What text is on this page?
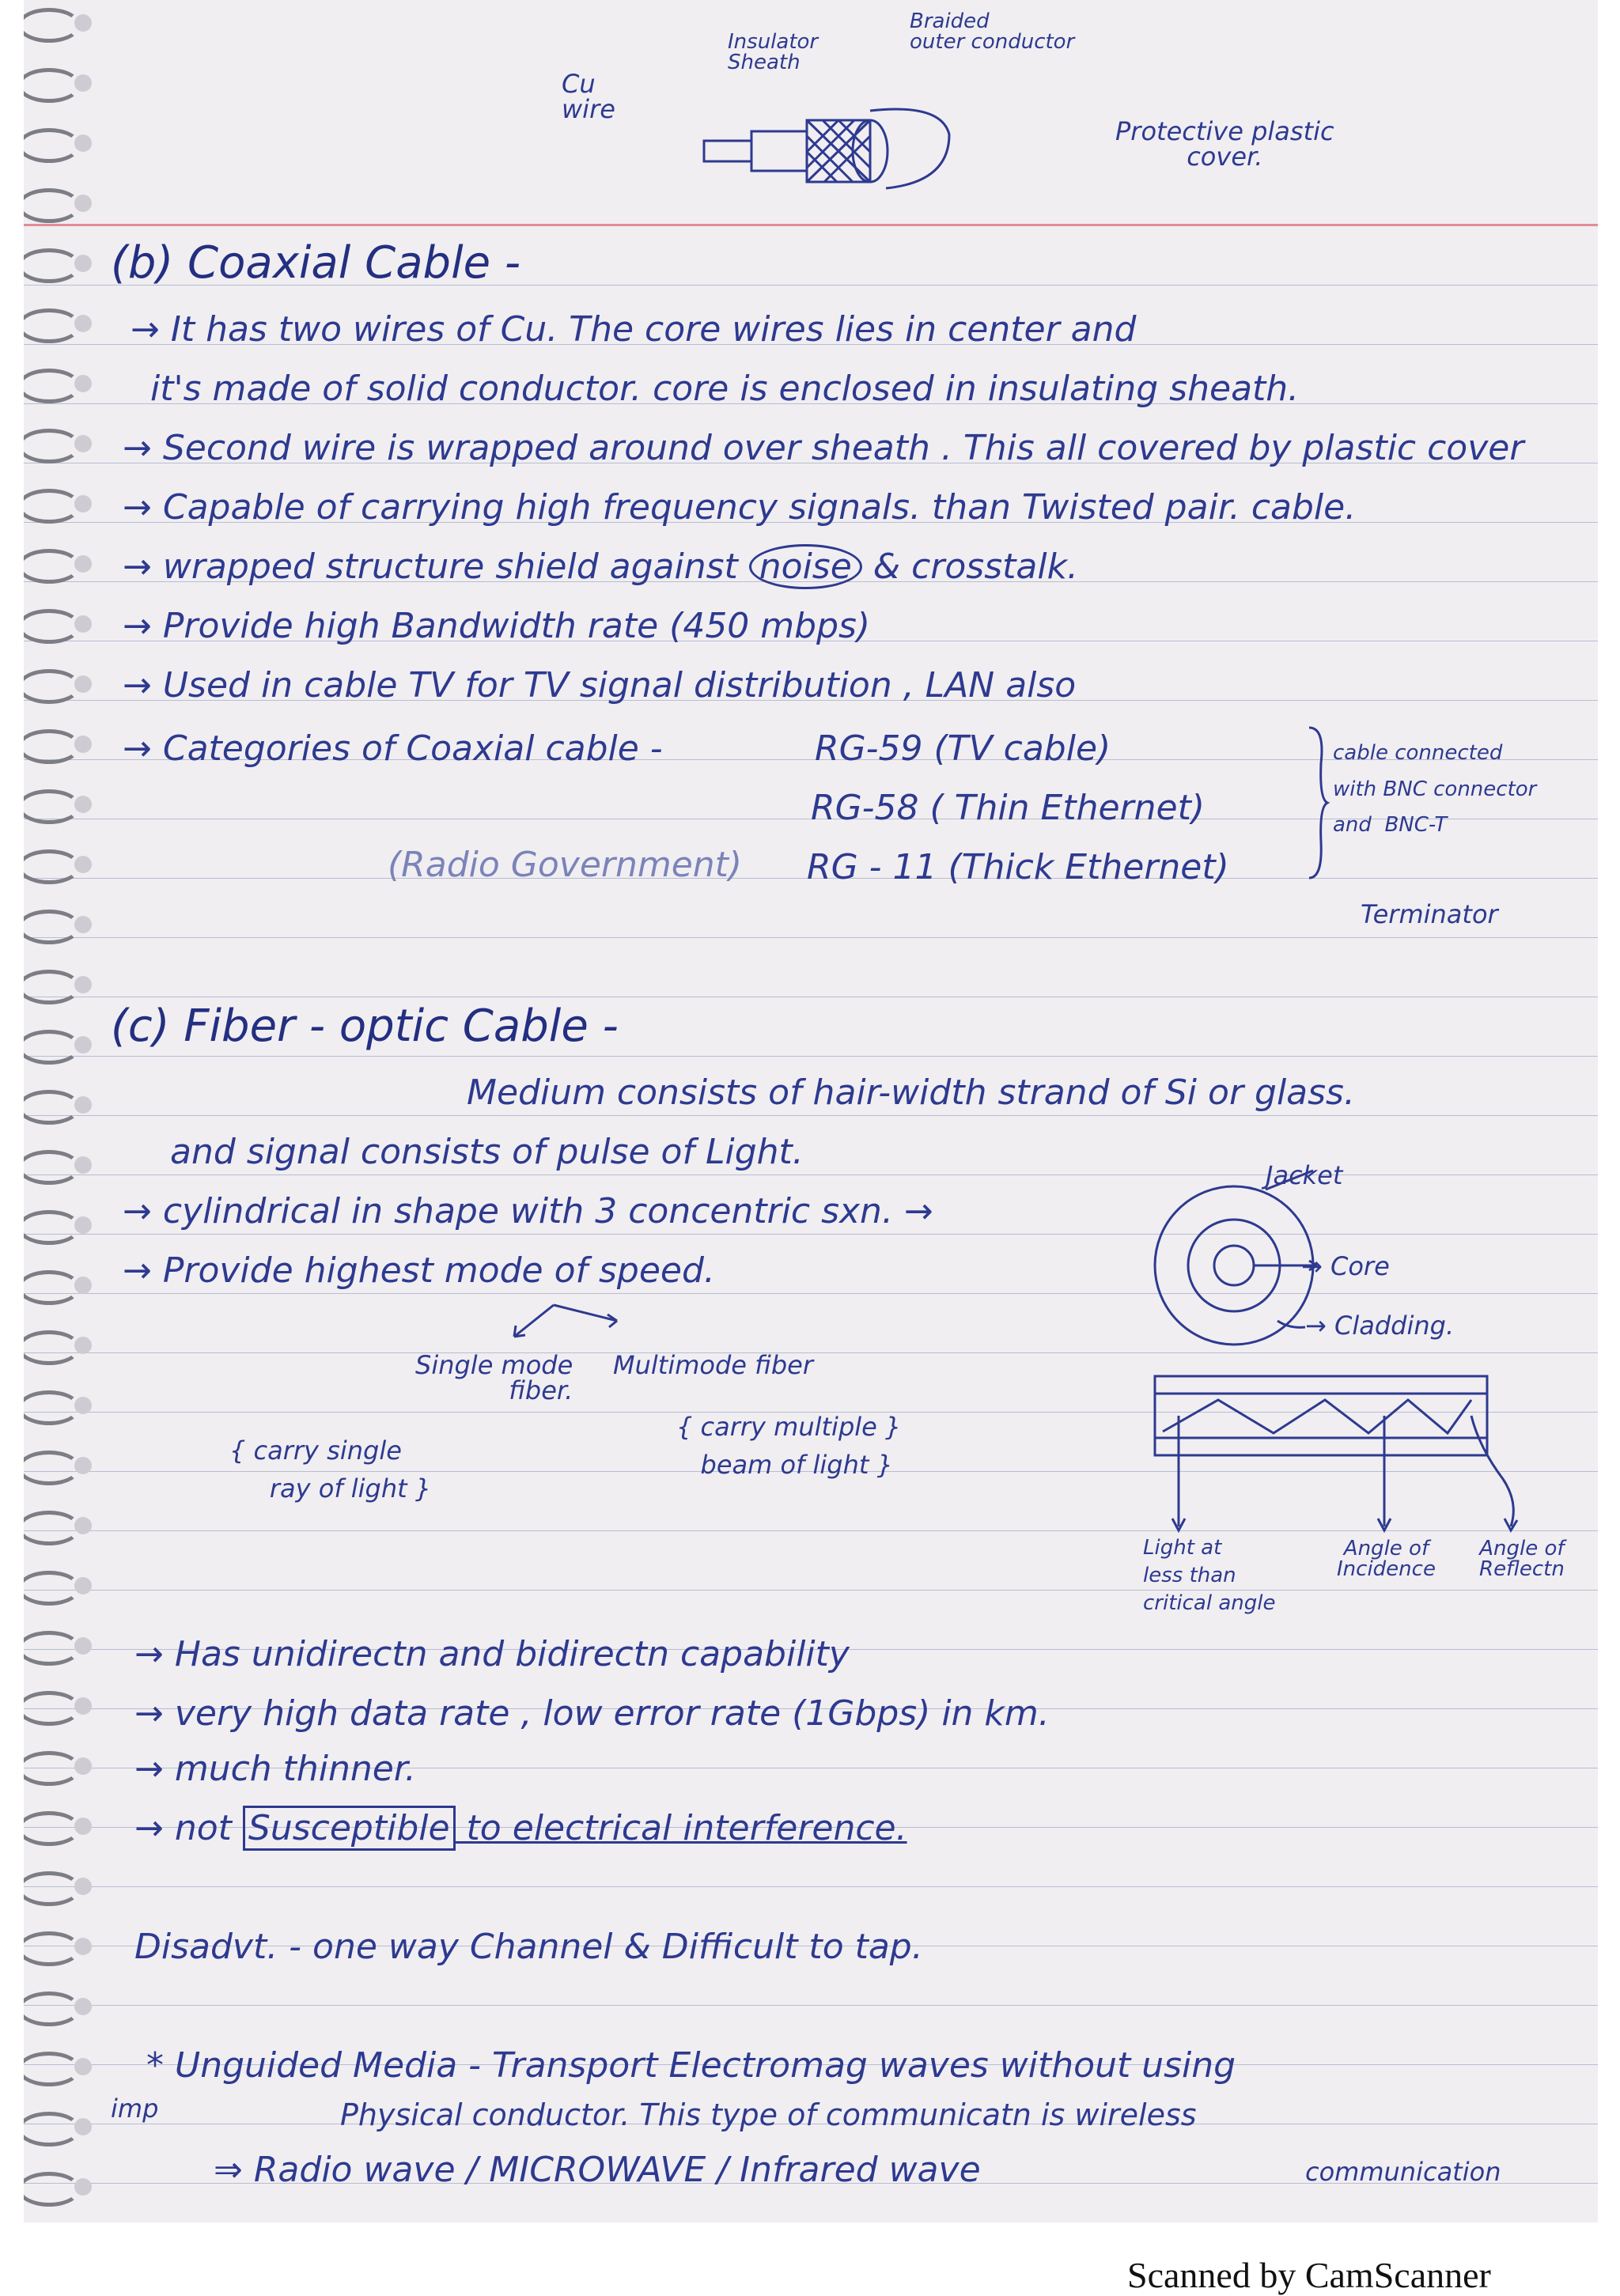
Cu
wire
Insulator
Sheath
Braided
outer conductor
Protective plastic
cover.
(b) Coaxial Cable -
→ It has two wires of Cu. The core wires lies in center and
it's made of solid conductor. core is enclosed in insulating sheath.
→ Second wire is wrapped around over sheath . This all covered by plastic cover
→ Capable of carrying high frequency signals. than Twisted pair. cable.
→ wrapped structure shield against noise & crosstalk.
→ Provide high Bandwidth rate (450 mbps)
→ Used in cable TV for TV signal distribution , LAN also
→ Categories of Coaxial cable -	RG-59 (TV cable)
RG-58 ( Thin Ethernet)
(Radio Government) RG - 11 (Thick Ethernet)
cable connected
with BNC connector
and  BNC-T
Terminator
(c) Fiber - optic Cable -
Medium consists of hair-width strand of Si or glass.
and signal consists of pulse of Light.
→ cylindrical in shape with 3 concentric sxn. →
→ Provide highest mode of speed.
Single mode
fiber.
Multimode fiber
{ carry single
ray of light }
{ carry multiple }
beam of light }
Jacket
→ Core
→ Cladding.
Light at
less than
critical angle
Angle of
Incidence
Angle of
Reflectn
→ Has unidirectn and bidirectn capability
→ very high data rate , low error rate (1Gbps) in km.
→ much thinner.
→ not Susceptible to electrical interference.
Disadvt. - one way Channel & Difficult to tap.
* Unguided Media - Transport Electromag waves without using
imp	Physical conductor. This type of communicatn is wireless
communication
⇒ Radio wave / MICROWAVE / Infrared wave
Scanned by CamScanner
